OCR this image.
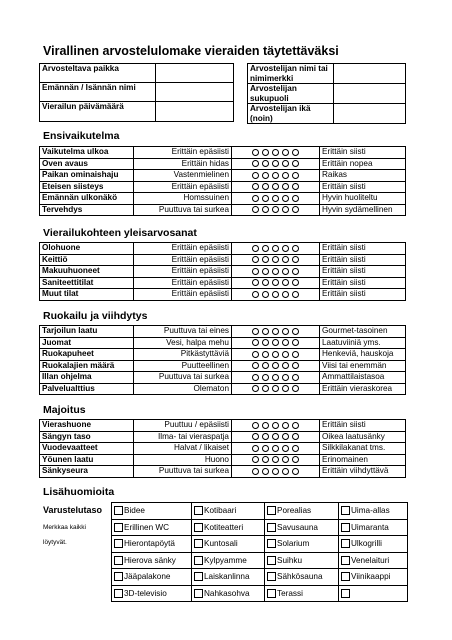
Virallinen arvostelulomake vieraiden täytettäväksi
Arvosteltava paikka	
Emännän / Isännän nimi	
Vierailun päivämäärä	
Arvostelijan nimi tai nimimerkki	
Arvostelijan sukupuoli	
Arvostelijan ikä (noin)	
Ensivaikutelma
Vierailukohteen yleisarvosanat
Ruokailu ja viihdytys
Majoitus
Lisähuomioita
Vaikutelma ulkoa	Erittäin epäsiisti		Erittäin siisti
Oven avaus	Erittäin hidas		Erittäin nopea
Paikan ominaishaju	Vastenmielinen		Raikas
Eteisen siisteys	Erittäin epäsiisti		Erittäin siisti
Emännän ulkonäkö	Homssuinen		Hyvin huoliteltu
Tervehdys	Puuttuva tai surkea		Hyvin sydämellinen
Olohuone	Erittäin epäsiisti		Erittäin siisti
Keittiö	Erittäin epäsiisti		Erittäin siisti
Makuuhuoneet	Erittäin epäsiisti		Erittäin siisti
Saniteettitilat	Erittäin epäsiisti		Erittäin siisti
Muut tilat	Erittäin epäsiisti		Erittäin siisti
Tarjoilun laatu	Puuttuva tai eines		Gourmet-tasoinen
Juomat	Vesi, halpa mehu		Laatuviiniä yms.
Ruokapuheet	Pitkästyttäviä		Henkeviä, hauskoja
Ruokalajien määrä	Puutteellinen		Viisi tai enemmän
Illan ohjelma	Puuttuva tai surkea		Ammattilaistasoa
Palvelualttius	Olematon		Erittäin vieraskorea
Vierashuone	Puuttuu / epäsiisti		Erittäin siisti
Sängyn taso	Ilma- tai vieraspatja		Oikea laatusänky
Vuodevaatteet	Halvat / likaiset		Silkkilakanat tms.
Yöunen laatu	Huono		Erinomainen
Sänkyseura	Puuttuva tai surkea		Erittäin viihdyttävä
Varustelutaso
Merkkaa kaikki
löytyvät.
Bidee	Kotibaari	Porealias	Uima-allas
Erillinen WC	Kotiteatteri	Savusauna	Uimaranta
Hierontapöytä	Kuntosali	Solarium	Ulkogrilli
Hierova sänky	Kylpyamme	Suihku	Venelaituri
Jääpalakone	Laiskanlinna	Sähkösauna	Viinikaappi
3D-televisio	Nahkasohva	Terassi	
